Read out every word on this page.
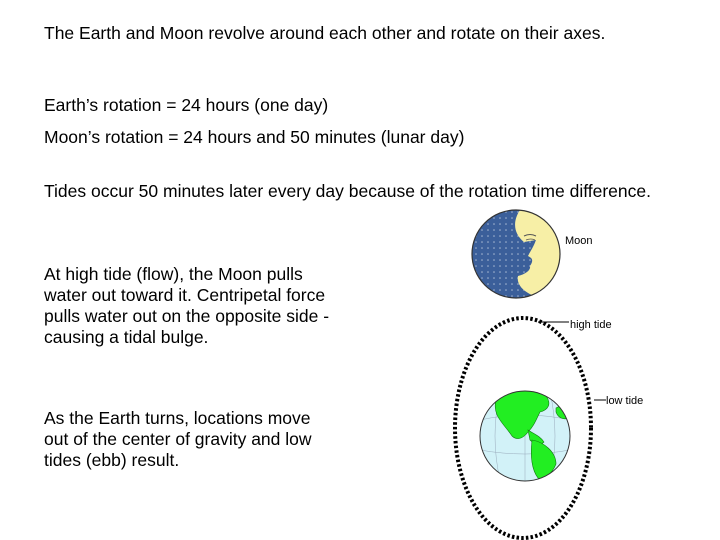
The Earth and Moon revolve around each other and rotate on their axes.

Earth’s rotation = 24 hours (one day)

Moon’s rotation = 24 hours and 50 minutes (lunar day)

Tides occur 50 minutes later every day because of the rotation time difference.

At high tide (flow), the Moon pulls water out toward it. Centripetal force pulls water out on the opposite side - causing a tidal bulge.

As the Earth turns, locations move out of the center of gravity and low tides (ebb) result.

Moon
high tide
low tide
